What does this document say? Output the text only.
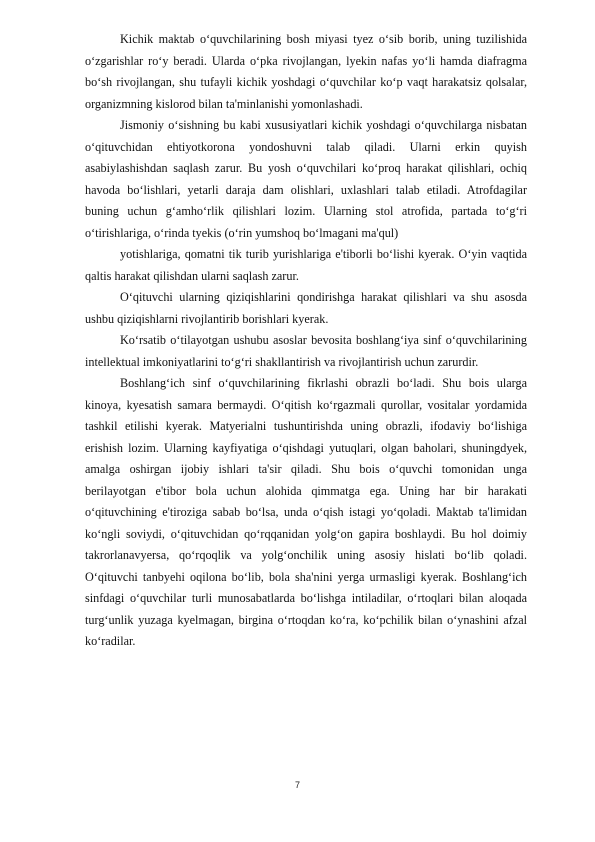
Kichik maktab o‘quvchilarining bosh miyasi tyez o‘sib borib, uning tuzilishida o‘zgarishlar ro‘y beradi. Ularda o‘pka rivojlangan, lyekin nafas yo‘li hamda diafragma bo‘sh rivojlangan, shu tufayli kichik yoshdagi o‘quvchilar ko‘p vaqt harakatsiz qolsalar, organizmning kislorod bilan ta'minlanishi yomonlashadi.

Jismoniy o‘sishning bu kabi xususiyatlari kichik yoshdagi o‘quvchilarga nisbatan o‘qituvchidan ehtiyotkorona yondoshuvni talab qiladi. Ularni erkin quyish asabiylashishdan saqlash zarur. Bu yosh o‘quvchilari ko‘proq harakat qilishlari, ochiq havoda bo‘lishlari, yetarli daraja dam olishlari, uxlashlari talab etiladi. Atrofdagilar buning uchun g‘amho‘rlik qilishlari lozim. Ularning stol atrofida, partada to‘g‘ri o‘tirishlariga, o‘rinda tyekis (o‘rin yumshoq bo‘lmagani ma'qul)

yotishlariga, qomatni tik turib yurishlariga e'tiborli bo‘lishi kyerak. O‘yin vaqtida qaltis harakat qilishdan ularni saqlash zarur.

O‘qituvchi ularning qiziqishlarini qondirishga harakat qilishlari va shu asosda ushbu qiziqishlarni rivojlantirib borishlari kyerak.

Ko‘rsatib o‘tilayotgan ushubu asoslar bevosita boshlang‘iya sinf o‘quvchilarining intellektual imkoniyatlarini to‘g‘ri shakllantirish va rivojlantirish uchun zarurdir.

Boshlang‘ich sinf o‘quvchilarining fikrlashi obrazli bo‘ladi. Shu bois ularga kinoya, kyesatish samara bermaydi. O‘qitish ko‘rgazmali qurollar, vositalar yordamida tashkil etilishi kyerak. Matyerialni tushuntirishda uning obrazli, ifodaviy bo‘lishiga erishish lozim. Ularning kayfiyatiga o‘qishdagi yutuqlari, olgan baholari, shuningdyek, amalga oshirgan ijobiy ishlari ta'sir qiladi. Shu bois o‘quvchi tomonidan unga berilayotgan e'tibor bola uchun alohida qimmatga ega. Uning har bir harakati o‘qituvchining e'tiroziga sabab bo‘lsa, unda o‘qish istagi yo‘qoladi. Maktab ta'limidan ko‘ngli soviydi, o‘qituvchidan qo‘rqqanidan yolg‘on gapira boshlaydi. Bu hol doimiy takrorlanavyersa, qo‘rqoqlik va yolg‘onchilik uning asosiy hislati bo‘lib qoladi. O‘qituvchi tanbyehi oqilona bo‘lib, bola sha'nini yerga urmasligi kyerak. Boshlang‘ich sinfdagi o‘quvchilar turli munosabatlarda bo‘lishga intiladilar, o‘rtoqlari bilan aloqada turg‘unlik yuzaga kyelmagan, birgina o‘rtoqdan ko‘ra, ko‘pchilik bilan o‘ynashini afzal ko‘radilar.

7
